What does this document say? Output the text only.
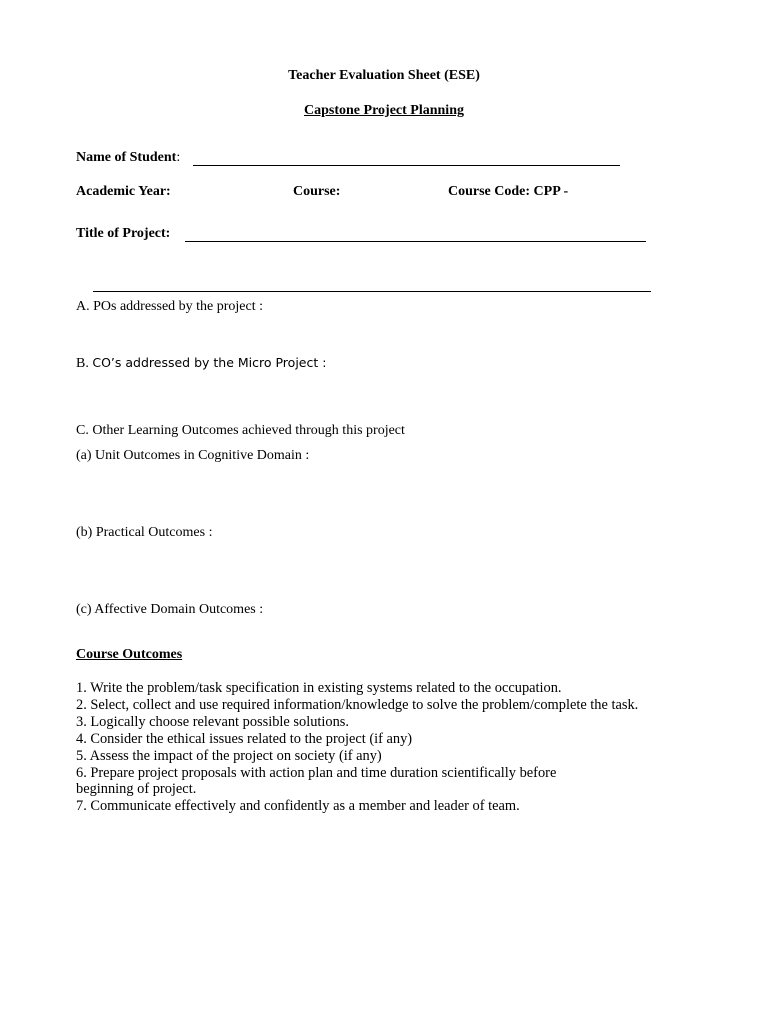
Teacher Evaluation Sheet (ESE)
Capstone Project Planning
Name of Student:
Academic Year:	Course:	Course Code: CPP -
Title of Project:
A. POs addressed by the project :
B. CO’s addressed by the Micro Project :
C. Other Learning Outcomes achieved through this project
(a) Unit Outcomes in Cognitive Domain :
(b) Practical Outcomes :
(c) Affective Domain Outcomes :
Course Outcomes
1. Write the problem/task specification in existing systems related to the occupation.
2. Select, collect and use required information/knowledge to solve the problem/complete the task.
3. Logically choose relevant possible solutions.
4. Consider the ethical issues related to the project (if any)
5. Assess the impact of the project on society (if any)
6. Prepare project proposals with action plan and time duration scientifically before
beginning of project.
7. Communicate effectively and confidently as a member and leader of team.
